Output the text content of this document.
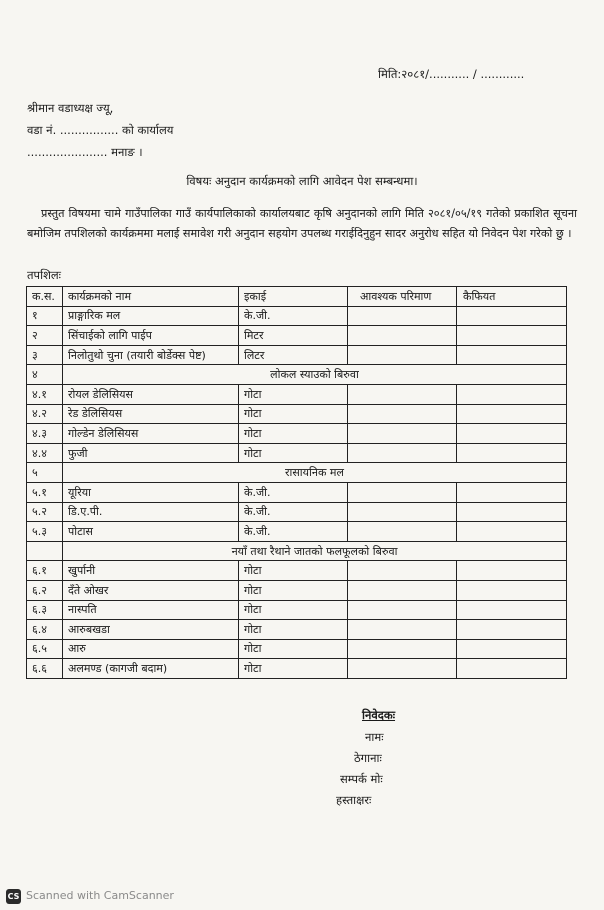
मिति:२०८१/........... / ............
श्रीमान वडाध्यक्ष ज्यू,
वडा नं. ................ को कार्यालय
...................... मनाङ ।
विषयः अनुदान कार्यक्रमको लागि आवेदन पेश सम्बन्धमा।
प्रस्तुत विषयमा चामे गाउँपालिका गाउँ कार्यपालिकाको कार्यालयबाट कृषि अनुदानको लागि मिति २०८१/०५/१९ गतेको प्रकाशित सूचना बमोजिम तपशिलको कार्यक्रममा मलाई समावेश गरी अनुदान सहयोग उपलब्ध गराईदिनुहुन सादर अनुरोध सहित यो निवेदन पेश गरेको छु ।
तपशिलः
क.स.	कार्यक्रमको नाम	इकाई	आवश्यक परिमाण	कैफियत
१	प्राङ्गारिक मल	के.जी.		
२	सिंचाईको लागि पाईप	मिटर		
३	निलोतुथो चुना (तयारी बोर्डेक्स पेष्ट)	लिटर		
४	लोकल स्याउको बिरुवा			
४.१	रोयल डेलिसियस	गोटा		
४.२	रेड डेलिसियस	गोटा		
४.३	गोल्डेन डेलिसियस	गोटा		
४.४	फुजी	गोटा		
५	रासायनिक मल			
५.१	यूरिया	के.जी.		
५.२	डि.ए.पी.	के.जी.		
५.३	पोटास	के.जी.		
	नयाँ तथा रैथाने जातको फलफूलको बिरुवा			
६.१	खुर्पानी	गोटा		
६.२	दँते ओखर	गोटा		
६.३	नास्पति	गोटा		
६.४	आरुबखडा	गोटा		
६.५	आरु	गोटा		
६.६	अलमण्ड (कागजी बदाम)	गोटा		
निवेदकः
नामः
ठेगानाः
सम्पर्क मोः
हस्ताक्षरः
CS Scanned with CamScanner
